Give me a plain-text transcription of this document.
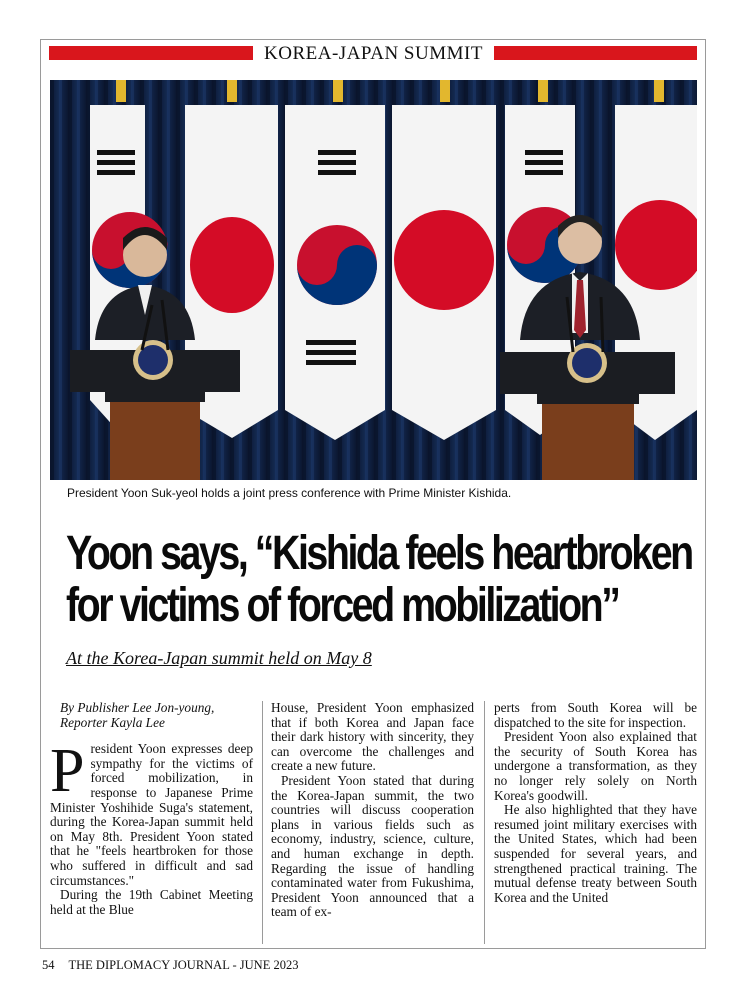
KOREA-JAPAN SUMMIT
President Yoon Suk-yeol holds a joint press conference with Prime Minister Kishida.
Yoon says, “Kishida feels heartbroken
for victims of forced mobilization”
At the Korea-Japan summit held on May 8
By Publisher Lee Jon-young,
Reporter Kayla Lee

President Yoon expresses deep sympathy for the victims of forced mobilization, in response to Japanese Prime Minister Yoshihide Suga's statement, during the Korea-Japan summit held on May 8th. President Yoon stated that he "feels heartbroken for those who suffered in difficult and sad circumstances."

During the 19th Cabinet Meeting held at the Blue

House, President Yoon emphasized that if both Korea and Japan face their dark history with sincerity, they can overcome the challenges and create a new future.

President Yoon stated that during the Korea-Japan summit, the two countries will discuss cooperation plans in various fields such as economy, industry, science, culture, and human exchange in depth. Regarding the issue of handling contaminated water from Fukushima, President Yoon announced that a team of ex-

perts from South Korea will be dispatched to the site for inspection.

President Yoon also explained that the security of South Korea has undergone a transformation, as they no longer rely solely on North Korea's goodwill.

He also highlighted that they have resumed joint military exercises with the United States, which had been suspended for several years, and strengthened practical training. The mutual defense treaty between South Korea and the United

54 THE DIPLOMACY JOURNAL - JUNE 2023
